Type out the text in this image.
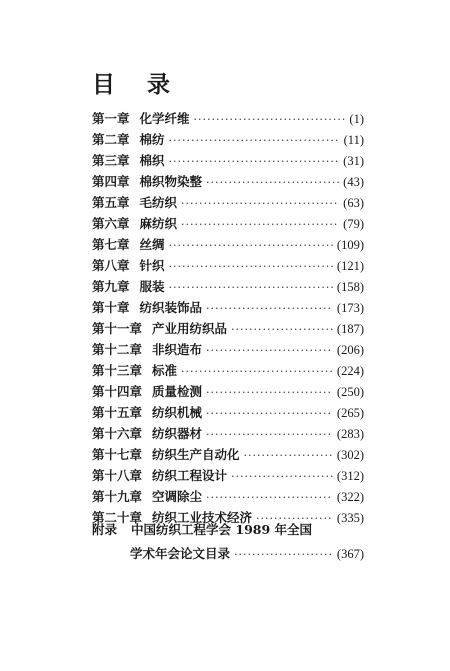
目 录
第一章 化学纤维 ·····	(1)
第二章 棉纺 ·····	(11)
第三章 棉织 ·····	(31)
第四章 棉织物染整 ·····	(43)
第五章 毛纺织 ·····	(63)
第六章 麻纺织 ·····	(79)
第七章 丝绸 ·····	(109)
第八章 针织 ·····	(121)
第九章 服装 ·····	(158)
第十章 纺织装饰品 ·····	(173)
第十一章 产业用纺织品 ·····	(187)
第十二章 非织造布 ·····	(206)
第十三章 标准 ·····	(224)
第十四章 质量检测 ·····	(250)
第十五章 纺织机械 ·····	(265)
第十六章 纺织器材 ·····	(283)
第十七章 纺织生产自动化 ·····	(302)
第十八章 纺织工程设计 ·····	(312)
第十九章 空调除尘 ·····	(322)
第二十章 纺织工业技术经济 ·····	(335)
附录 中国纺织工程学会 1989 年全国
学术年会论文目录 ·····	(367)
